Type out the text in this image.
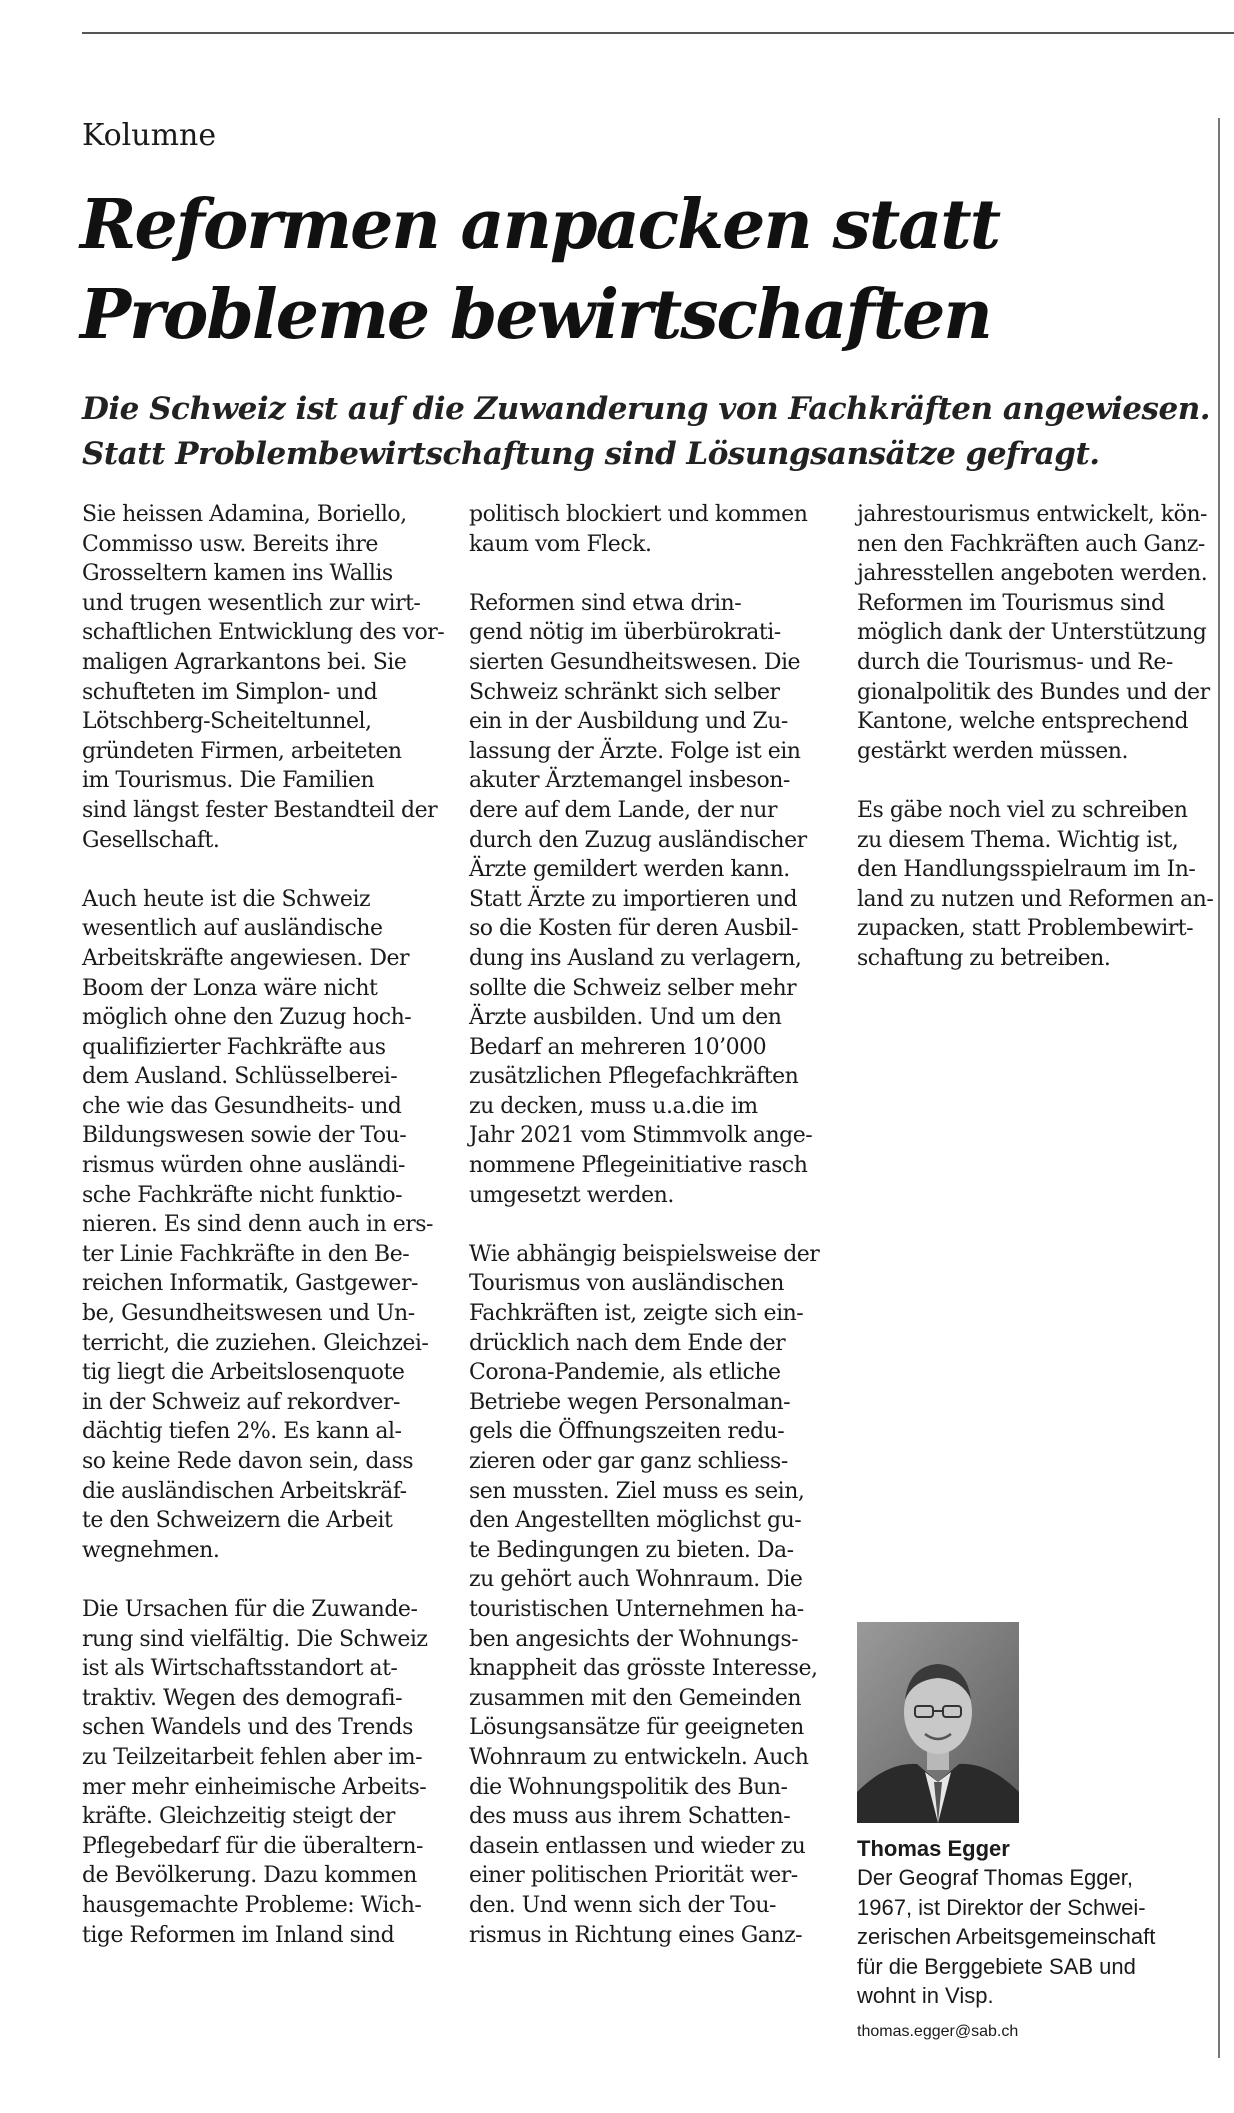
Kolumne
Reformen anpacken statt
Probleme bewirtschaften
Die Schweiz ist auf die Zuwanderung von Fachkräften angewiesen.
Statt Problembewirtschaftung sind Lösungsansätze gefragt.

Sie heissen Adamina, Boriello,
Commisso usw. Bereits ihre
Grosseltern kamen ins Wallis
und trugen wesentlich zur wirt-
schaftlichen Entwicklung des vor-
maligen Agrarkantons bei. Sie
schufteten im Simplon- und
Lötschberg-Scheiteltunnel,
gründeten Firmen, arbeiteten
im Tourismus. Die Familien
sind längst fester Bestandteil der
Gesellschaft.

Auch heute ist die Schweiz
wesentlich auf ausländische
Arbeitskräfte angewiesen. Der
Boom der Lonza wäre nicht
möglich ohne den Zuzug hoch-
qualifizierter Fachkräfte aus
dem Ausland. Schlüsselberei-
che wie das Gesundheits- und
Bildungswesen sowie der Tou-
rismus würden ohne ausländi-
sche Fachkräfte nicht funktio-
nieren. Es sind denn auch in ers-
ter Linie Fachkräfte in den Be-
reichen Informatik, Gastgewer-
be, Gesundheitswesen und Un-
terricht, die zuziehen. Gleichzei-
tig liegt die Arbeitslosenquote
in der Schweiz auf rekordver-
dächtig tiefen 2%. Es kann al-
so keine Rede davon sein, dass
die ausländischen Arbeitskräf-
te den Schweizern die Arbeit
wegnehmen.

Die Ursachen für die Zuwande-
rung sind vielfältig. Die Schweiz
ist als Wirtschaftsstandort at-
traktiv. Wegen des demografi-
schen Wandels und des Trends
zu Teilzeitarbeit fehlen aber im-
mer mehr einheimische Arbeits-
kräfte. Gleichzeitig steigt der
Pflegebedarf für die überaltern-
de Bevölkerung. Dazu kommen
hausgemachte Probleme: Wich-
tige Reformen im Inland sind

politisch blockiert und kommen
kaum vom Fleck.

Reformen sind etwa drin-
gend nötig im überbürokrati-
sierten Gesundheitswesen. Die
Schweiz schränkt sich selber
ein in der Ausbildung und Zu-
lassung der Ärzte. Folge ist ein
akuter Ärztemangel insbeson-
dere auf dem Lande, der nur
durch den Zuzug ausländischer
Ärzte gemildert werden kann.
Statt Ärzte zu importieren und
so die Kosten für deren Ausbil-
dung ins Ausland zu verlagern,
sollte die Schweiz selber mehr
Ärzte ausbilden. Und um den
Bedarf an mehreren 10’000
zusätzlichen Pflegefachkräften
zu decken, muss u.a.die im
Jahr 2021 vom Stimmvolk ange-
nommene Pflegeinitiative rasch
umgesetzt werden.

Wie abhängig beispielsweise der
Tourismus von ausländischen
Fachkräften ist, zeigte sich ein-
drücklich nach dem Ende der
Corona-Pandemie, als etliche
Betriebe wegen Personalman-
gels die Öffnungszeiten redu-
zieren oder gar ganz schliess-
sen mussten. Ziel muss es sein,
den Angestellten möglichst gu-
te Bedingungen zu bieten. Da-
zu gehört auch Wohnraum. Die
touristischen Unternehmen ha-
ben angesichts der Wohnungs-
knappheit das grösste Interesse,
zusammen mit den Gemeinden
Lösungsansätze für geeigneten
Wohnraum zu entwickeln. Auch
die Wohnungspolitik des Bun-
des muss aus ihrem Schatten-
dasein entlassen und wieder zu
einer politischen Priorität wer-
den. Und wenn sich der Tou-
rismus in Richtung eines Ganz-

jahrestourismus entwickelt, kön-
nen den Fachkräften auch Ganz-
jahresstellen angeboten werden.
Reformen im Tourismus sind
möglich dank der Unterstützung
durch die Tourismus- und Re-
gionalpolitik des Bundes und der
Kantone, welche entsprechend
gestärkt werden müssen.

Es gäbe noch viel zu schreiben
zu diesem Thema. Wichtig ist,
den Handlungsspielraum im In-
land zu nutzen und Reformen an-
zupacken, statt Problembewirt-
schaftung zu betreiben.

Thomas Egger
Der Geograf Thomas Egger,
1967, ist Direktor der Schwei-
zerischen Arbeitsgemeinschaft
für die Berggebiete SAB und
wohnt in Visp.
thomas.egger@sab.ch
